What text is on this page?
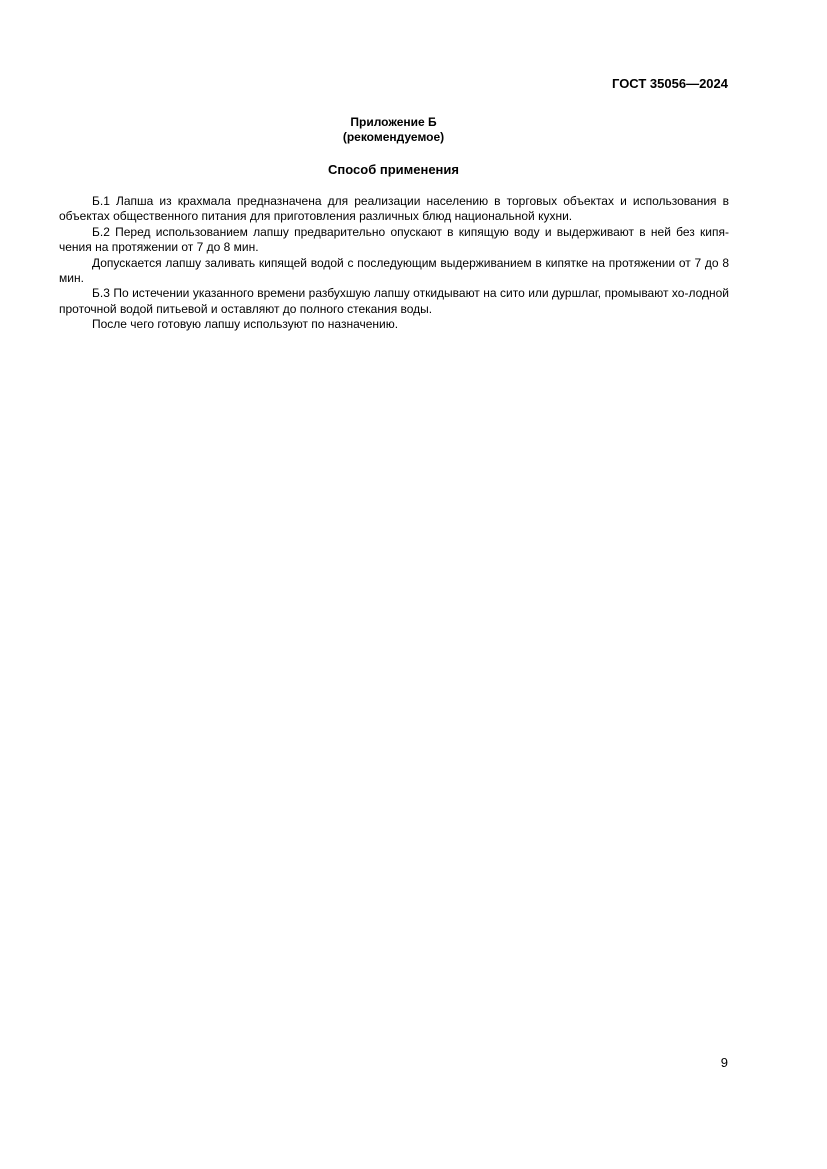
ГОСТ 35056—2024
Приложение Б
(рекомендуемое)
Способ применения

Б.1 Лапша из крахмала предназначена для реализации населению в торговых объектах и использования в объектах общественного питания для приготовления различных блюд национальной кухни.

Б.2 Перед использованием лапшу предварительно опускают в кипящую воду и выдерживают в ней без кипя-чения на протяжении от 7 до 8 мин.

Допускается лапшу заливать кипящей водой с последующим выдерживанием в кипятке на протяжении от 7 до 8 мин.

Б.3 По истечении указанного времени разбухшую лапшу откидывают на сито или дуршлаг, промывают хо-лодной проточной водой питьевой и оставляют до полного стекания воды.

После чего готовую лапшу используют по назначению.

9
